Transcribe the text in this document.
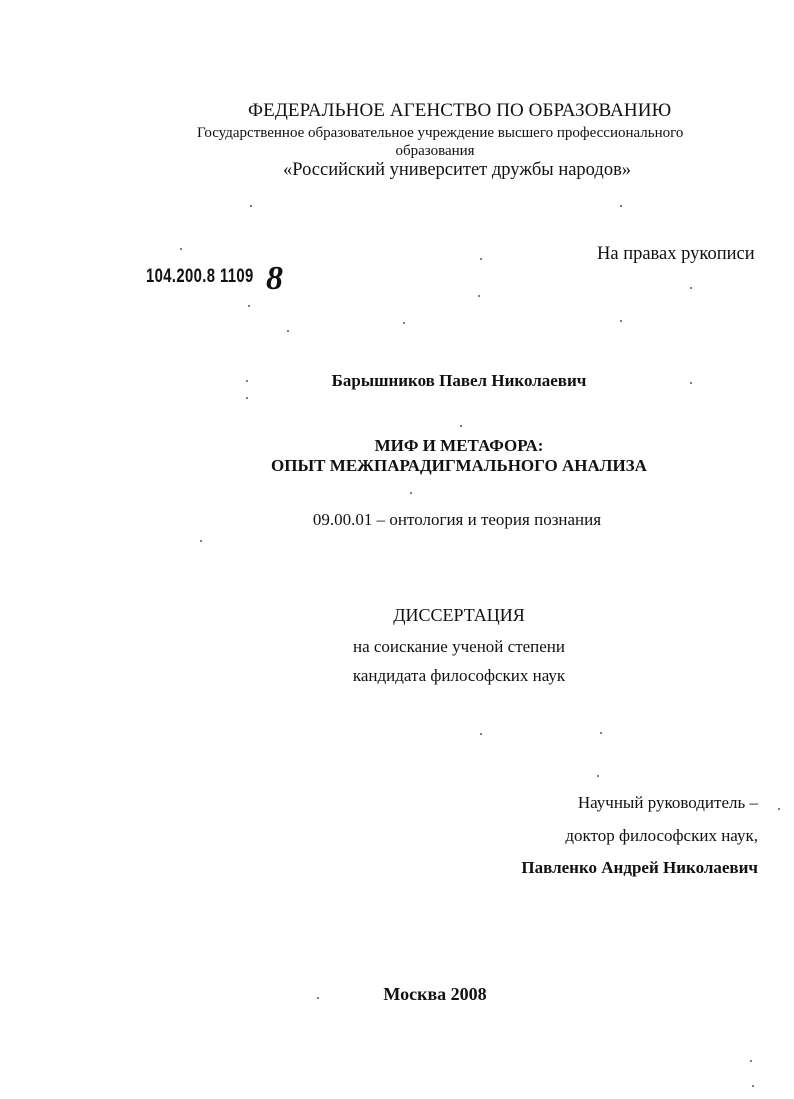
ФЕДЕРАЛЬНОЕ АГЕНСТВО ПО ОБРАЗОВАНИЮ
Государственное образовательное учреждение высшего профессионального
образования
«Российский университет дружбы народов»
104.200.8 1109 8
На правах рукописи
Барышников Павел Николаевич
МИФ И МЕТАФОРА:
ОПЫТ МЕЖПАРАДИГМАЛЬНОГО АНАЛИЗА
09.00.01 – онтология и теория познания
ДИССЕРТАЦИЯ
на соискание ученой степени
кандидата философских наук
Научный руководитель –
доктор философских наук,
Павленко Андрей Николаевич
Москва 2008
